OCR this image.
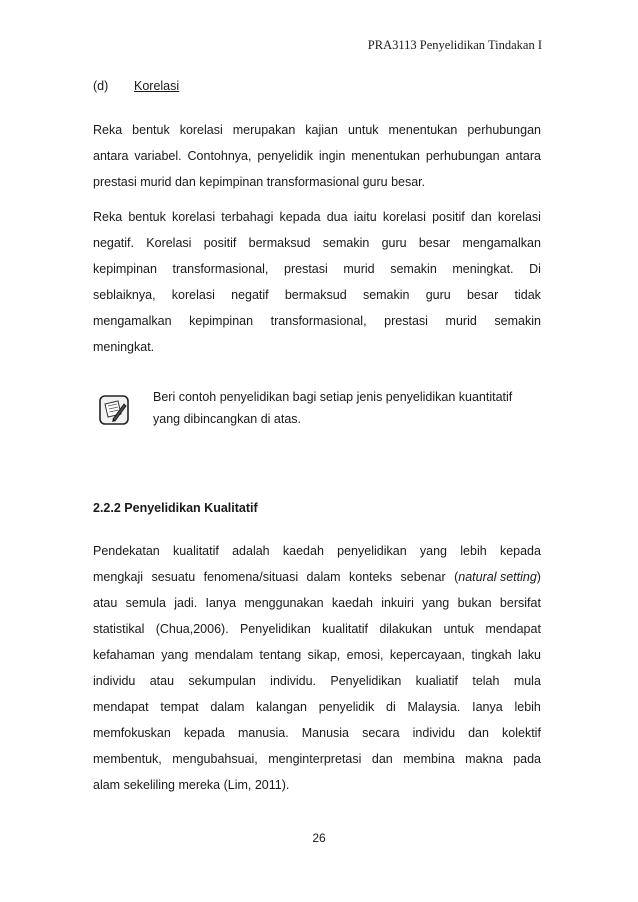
PRA3113 Penyelidikan Tindakan I
(d) Korelasi
Reka bentuk korelasi merupakan kajian untuk menentukan perhubungan
antara variabel. Contohnya, penyelidik ingin menentukan perhubungan antara
prestasi murid dan kepimpinan transformasional guru besar.
Reka bentuk korelasi terbahagi kepada dua iaitu korelasi positif dan korelasi
negatif. Korelasi positif bermaksud semakin guru besar mengamalkan
kepimpinan transformasional, prestasi murid semakin meningkat. Di
seblaiknya, korelasi negatif bermaksud semakin guru besar tidak
mengamalkan kepimpinan transformasional, prestasi murid semakin
meningkat.
Beri contoh penyelidikan bagi setiap jenis penyelidikan kuantitatif
yang dibincangkan di atas.
2.2.2 Penyelidikan Kualitatif
Pendekatan kualitatif adalah kaedah penyelidikan yang lebih kepada
mengkaji sesuatu fenomena/situasi dalam konteks sebenar (natural setting)
atau semula jadi. Ianya menggunakan kaedah inkuiri yang bukan bersifat
statistikal (Chua,2006). Penyelidikan kualitatif dilakukan untuk mendapat
kefahaman yang mendalam tentang sikap, emosi, kepercayaan, tingkah laku
individu atau sekumpulan individu. Penyelidikan kualiatif telah mula
mendapat tempat dalam kalangan penyelidik di Malaysia. Ianya lebih
memfokuskan kepada manusia. Manusia secara individu dan kolektif
membentuk, mengubahsuai, menginterpretasi dan membina makna pada
alam sekeliling mereka (Lim, 2011).
26
